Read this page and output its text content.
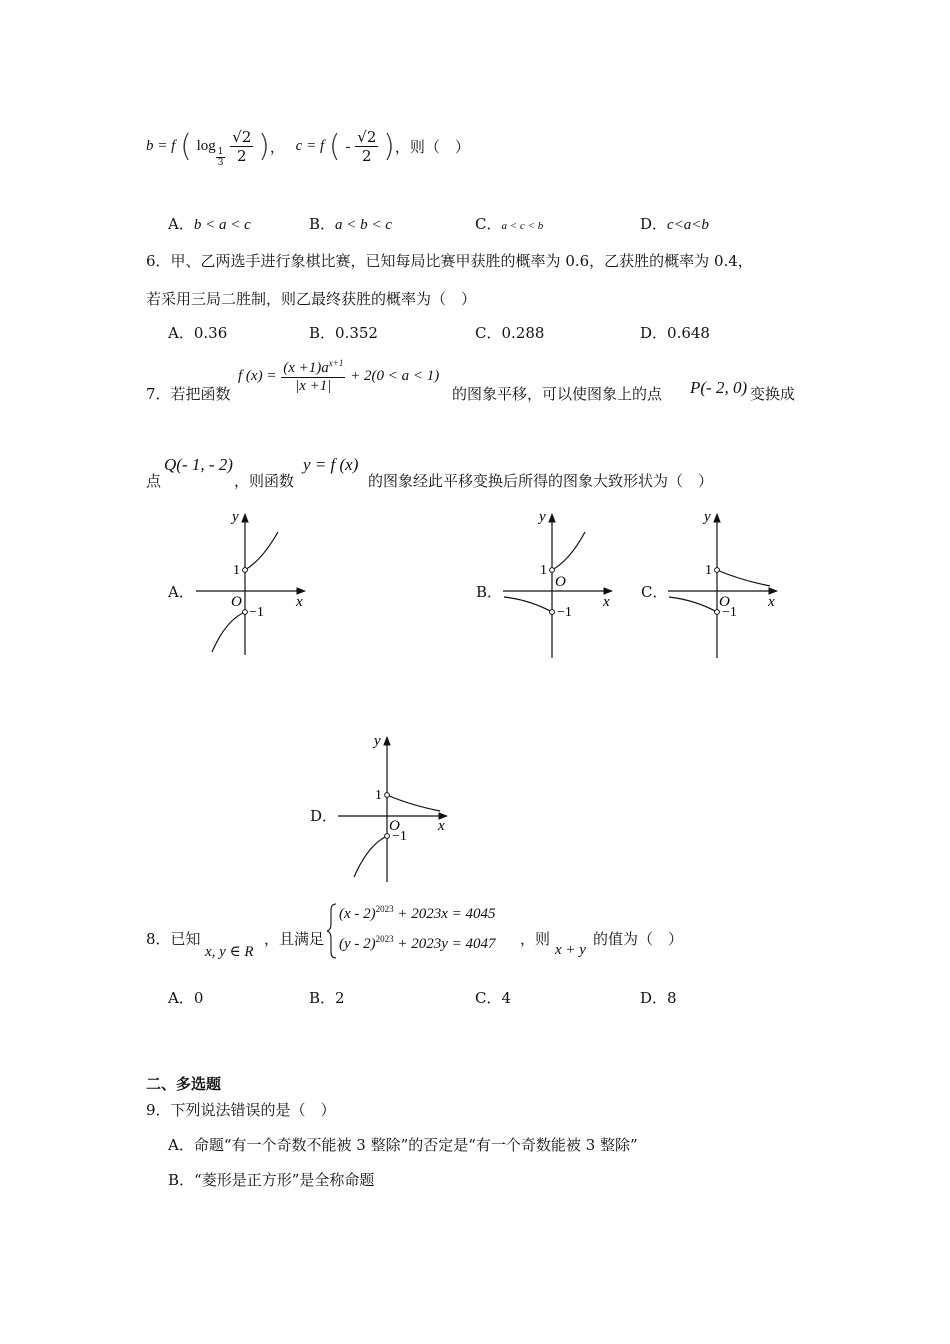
b = f ( log
$\frac{1}{3}$
$\frac{√2}{2}$ )， c = f ( - $\frac{√2}{2}$ )，则（　）
A．b < a < c	B．a < b < c	C．a < c < b	D．c<a<b
6．甲、乙两选手进行象棋比赛，已知每局比赛甲获胜的概率为 0.6，乙获胜的概率为 0.4，
若采用三局二胜制，则乙最终获胜的概率为（　）
A．0.36	B．0.352	C．0.288	D．0.648
7．若把函数
f $(x) = \frac{(x +1)a^{x+1}}{|x +1|} + 2(0 < a < 1)$
的图象平移，可以使图象上的点 P(- 2, 0) 变换成
点
Q(- 1, - 2)
，则函数
y = f (x)
的图象经此平移变换后所得的图象大致形状为（　）
A．	B．	C．
D．
y
x
O
1
−1
y
x
O
1
−1
y
x
O
1
−1
y
x
O
1
−1
8．已知
x, y ∈ R
，且满足
(x - 2)$^{2023}$ + 2023x = 4045
(y - 2)$^{2023}$ + 2023y = 4047 ，则
x + y
的值为（　）
A．0	B．2	C．4	D．8
二、多选题
9．下列说法错误的是（　）
A．命题“有一个奇数不能被 3 整除”的否定是“有一个奇数能被 3 整除”
B．“菱形是正方形”是全称命题
